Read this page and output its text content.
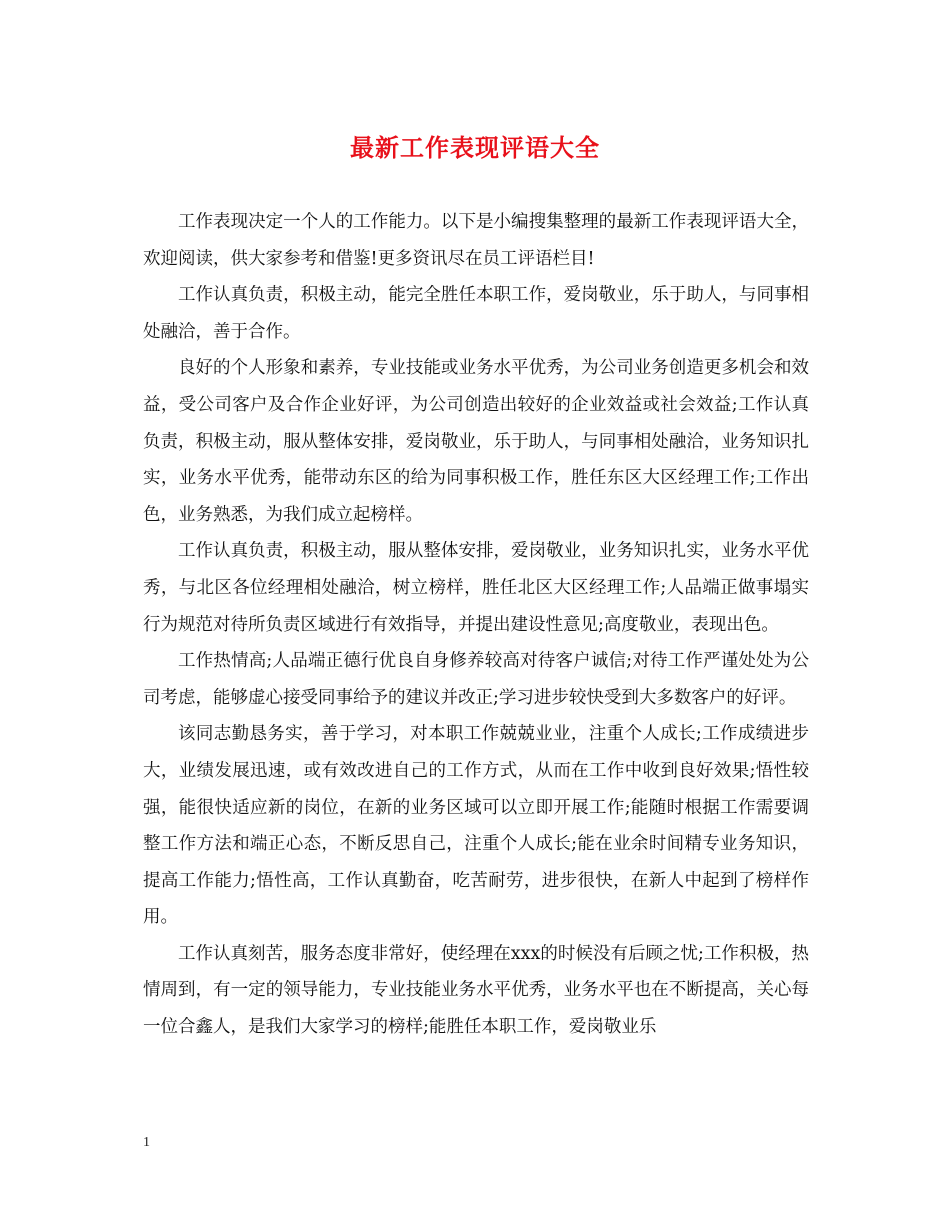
最新工作表现评语大全

工作表现决定一个人的工作能力。以下是小编搜集整理的最新工作表现评语大全，欢迎阅读，供大家参考和借鉴!更多资讯尽在员工评语栏目!

工作认真负责，积极主动，能完全胜任本职工作，爱岗敬业，乐于助人，与同事相处融洽，善于合作。

良好的个人形象和素养，专业技能或业务水平优秀，为公司业务创造更多机会和效益，受公司客户及合作企业好评，为公司创造出较好的企业效益或社会效益;工作认真负责，积极主动，服从整体安排，爱岗敬业，乐于助人，与同事相处融洽，业务知识扎实，业务水平优秀，能带动东区的给为同事积极工作，胜任东区大区经理工作;工作出色，业务熟悉，为我们成立起榜样。

工作认真负责，积极主动，服从整体安排，爱岗敬业，业务知识扎实，业务水平优秀，与北区各位经理相处融洽，树立榜样，胜任北区大区经理工作;人品端正做事塌实行为规范对待所负责区域进行有效指导，并提出建设性意见;高度敬业，表现出色。

工作热情高;人品端正德行优良自身修养较高对待客户诚信;对待工作严谨处处为公司考虑，能够虚心接受同事给予的建议并改正;学习进步较快受到大多数客户的好评。

该同志勤恳务实，善于学习，对本职工作兢兢业业，注重个人成长;工作成绩进步大，业绩发展迅速，或有效改进自己的工作方式，从而在工作中收到良好效果;悟性较强，能很快适应新的岗位，在新的业务区域可以立即开展工作;能随时根据工作需要调整工作方法和端正心态，不断反思自己，注重个人成长;能在业余时间精专业务知识，提高工作能力;悟性高，工作认真勤奋，吃苦耐劳，进步很快，在新人中起到了榜样作用。

工作认真刻苦，服务态度非常好，使经理在xxx的时候没有后顾之忧;工作积极，热情周到，有一定的领导能力，专业技能业务水平优秀，业务水平也在不断提高，关心每一位合鑫人，是我们大家学习的榜样;能胜任本职工作，爱岗敬业乐

1
